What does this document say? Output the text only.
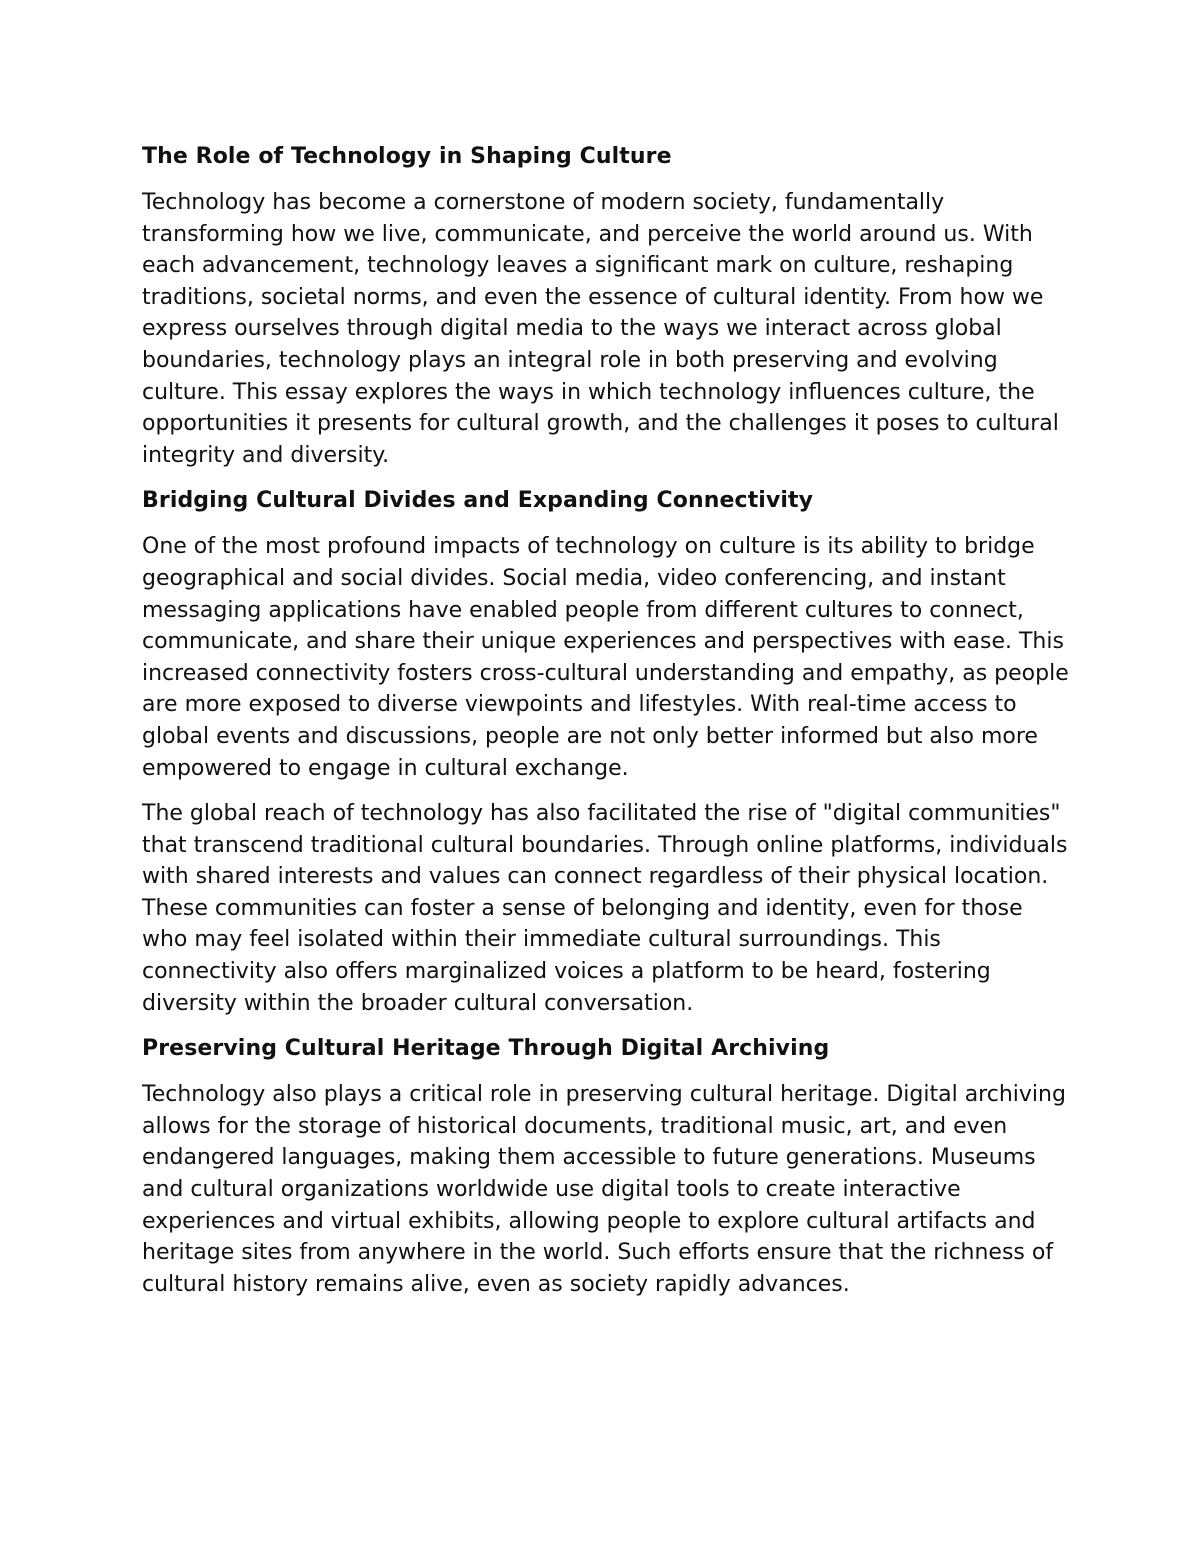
The Role of Technology in Shaping Culture

Technology has become a cornerstone of modern society, fundamentally transforming how we live, communicate, and perceive the world around us. With each advancement, technology leaves a significant mark on culture, reshaping traditions, societal norms, and even the essence of cultural identity. From how we express ourselves through digital media to the ways we interact across global boundaries, technology plays an integral role in both preserving and evolving culture. This essay explores the ways in which technology influences culture, the opportunities it presents for cultural growth, and the challenges it poses to cultural integrity and diversity.

Bridging Cultural Divides and Expanding Connectivity

One of the most profound impacts of technology on culture is its ability to bridge geographical and social divides. Social media, video conferencing, and instant messaging applications have enabled people from different cultures to connect, communicate, and share their unique experiences and perspectives with ease. This increased connectivity fosters cross-cultural understanding and empathy, as people are more exposed to diverse viewpoints and lifestyles. With real-time access to global events and discussions, people are not only better informed but also more empowered to engage in cultural exchange.

The global reach of technology has also facilitated the rise of "digital communities" that transcend traditional cultural boundaries. Through online platforms, individuals with shared interests and values can connect regardless of their physical location. These communities can foster a sense of belonging and identity, even for those who may feel isolated within their immediate cultural surroundings. This connectivity also offers marginalized voices a platform to be heard, fostering diversity within the broader cultural conversation.

Preserving Cultural Heritage Through Digital Archiving

Technology also plays a critical role in preserving cultural heritage. Digital archiving allows for the storage of historical documents, traditional music, art, and even endangered languages, making them accessible to future generations. Museums and cultural organizations worldwide use digital tools to create interactive experiences and virtual exhibits, allowing people to explore cultural artifacts and heritage sites from anywhere in the world. Such efforts ensure that the richness of cultural history remains alive, even as society rapidly advances.
